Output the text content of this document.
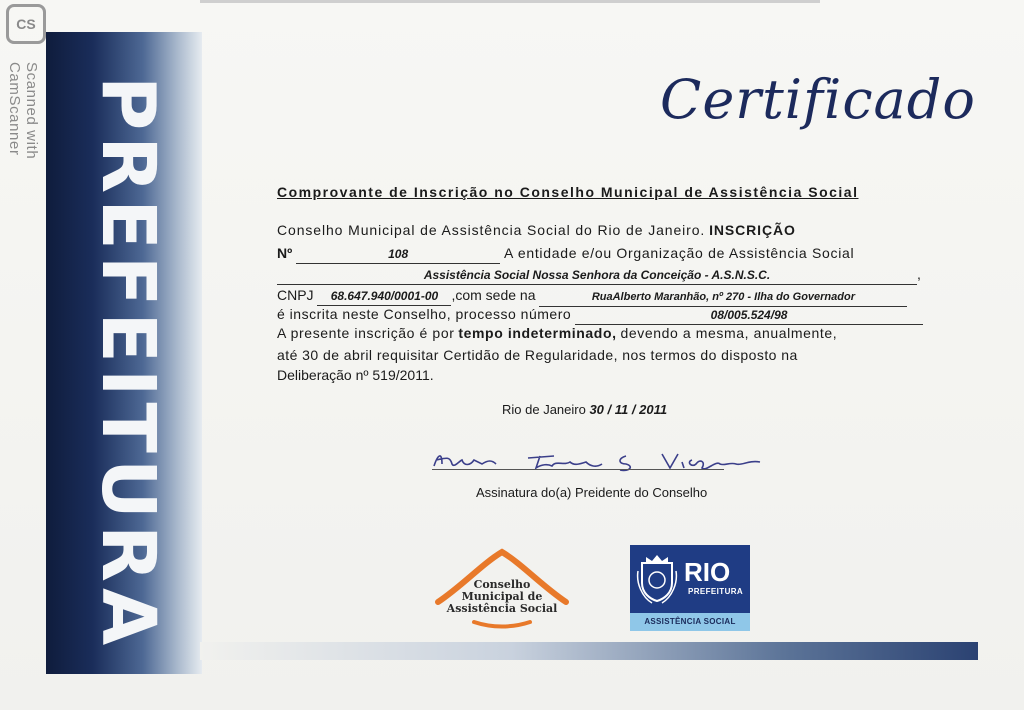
CS
Scanned with
CamScanner PREFEITURA	Certificado
Comprovante de Inscrição no Conselho Municipal de Assistência Social
Conselho Municipal de Assistência Social do Rio de Janeiro. INSCRIÇÃO
Nº	108	A entidade e/ou Organização de Assistência Social
Assistência Social Nossa Senhora da Conceição - A.S.N.S.C.	,
CNPJ 68.647.940/0001-00 ,com sede na	RuaAlberto Maranhão, nº 270 - Ilha do Governador
é inscrita neste Conselho, processo número	08/005.524/98
A presente inscrição é por tempo indeterminado, devendo a mesma, anualmente,
até 30 de abril requisitar Certidão de Regularidade, nos termos do disposto na
Deliberação nº 519/2011.
Rio de Janeiro 30 / 11 / 2011
Assinatura do(a) Preidente do Conselho
Conselho
Municipal de
Assistência Social
RIO
PREFEITURA
ASSISTÊNCIA SOCIAL
